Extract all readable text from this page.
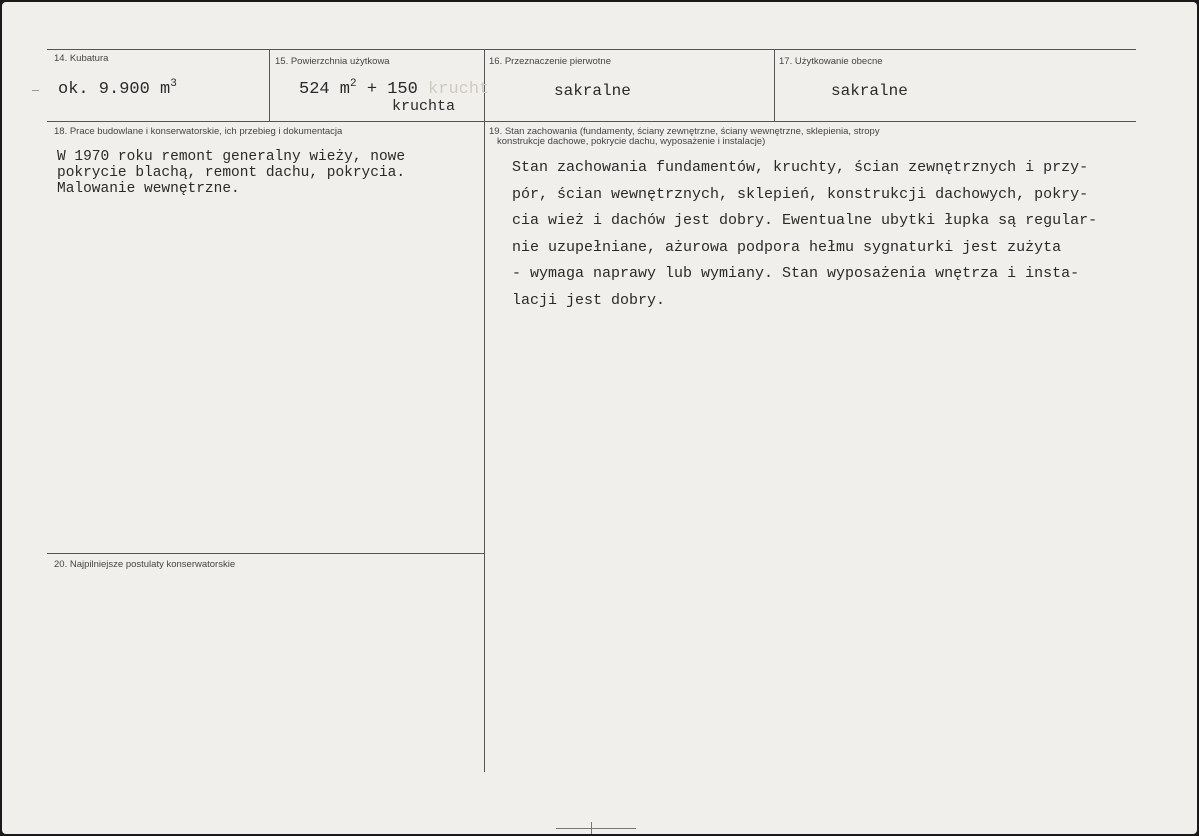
14. Kubatura
ok. 9.900 $m^3$
15. Powierzchnia użytkowa
524 $m^2 + 150$ krucht
kruchta
16. Przeznaczenie pierwotne
sakralne
17. Użytkowanie obecne
sakralne
18. Prace budowlane i konserwatorskie, ich przebieg i dokumentacja
W 1970 roku remont generalny wieży, nowe
pokrycie blachą, remont dachu, pokrycia.
Malowanie wewnętrzne.
19. Stan zachowania (fundamenty, ściany zewnętrzne, ściany wewnętrzne, sklepienia, stropy
konstrukcje dachowe, pokrycie dachu, wyposażenie i instalacje)
Stan zachowania fundamentów, kruchty, ścian zewnętrznych i przy-
pór, ścian wewnętrznych, sklepień, konstrukcji dachowych, pokry-
cia wież i dachów jest dobry. Ewentualne ubytki łupka są regular-
nie uzupełniane, ażurowa podpora hełmu sygnaturki jest zużyta
- wymaga naprawy lub wymiany. Stan wyposażenia wnętrza i insta-
lacji jest dobry.
20. Najpilniejsze postulaty konserwatorskie
